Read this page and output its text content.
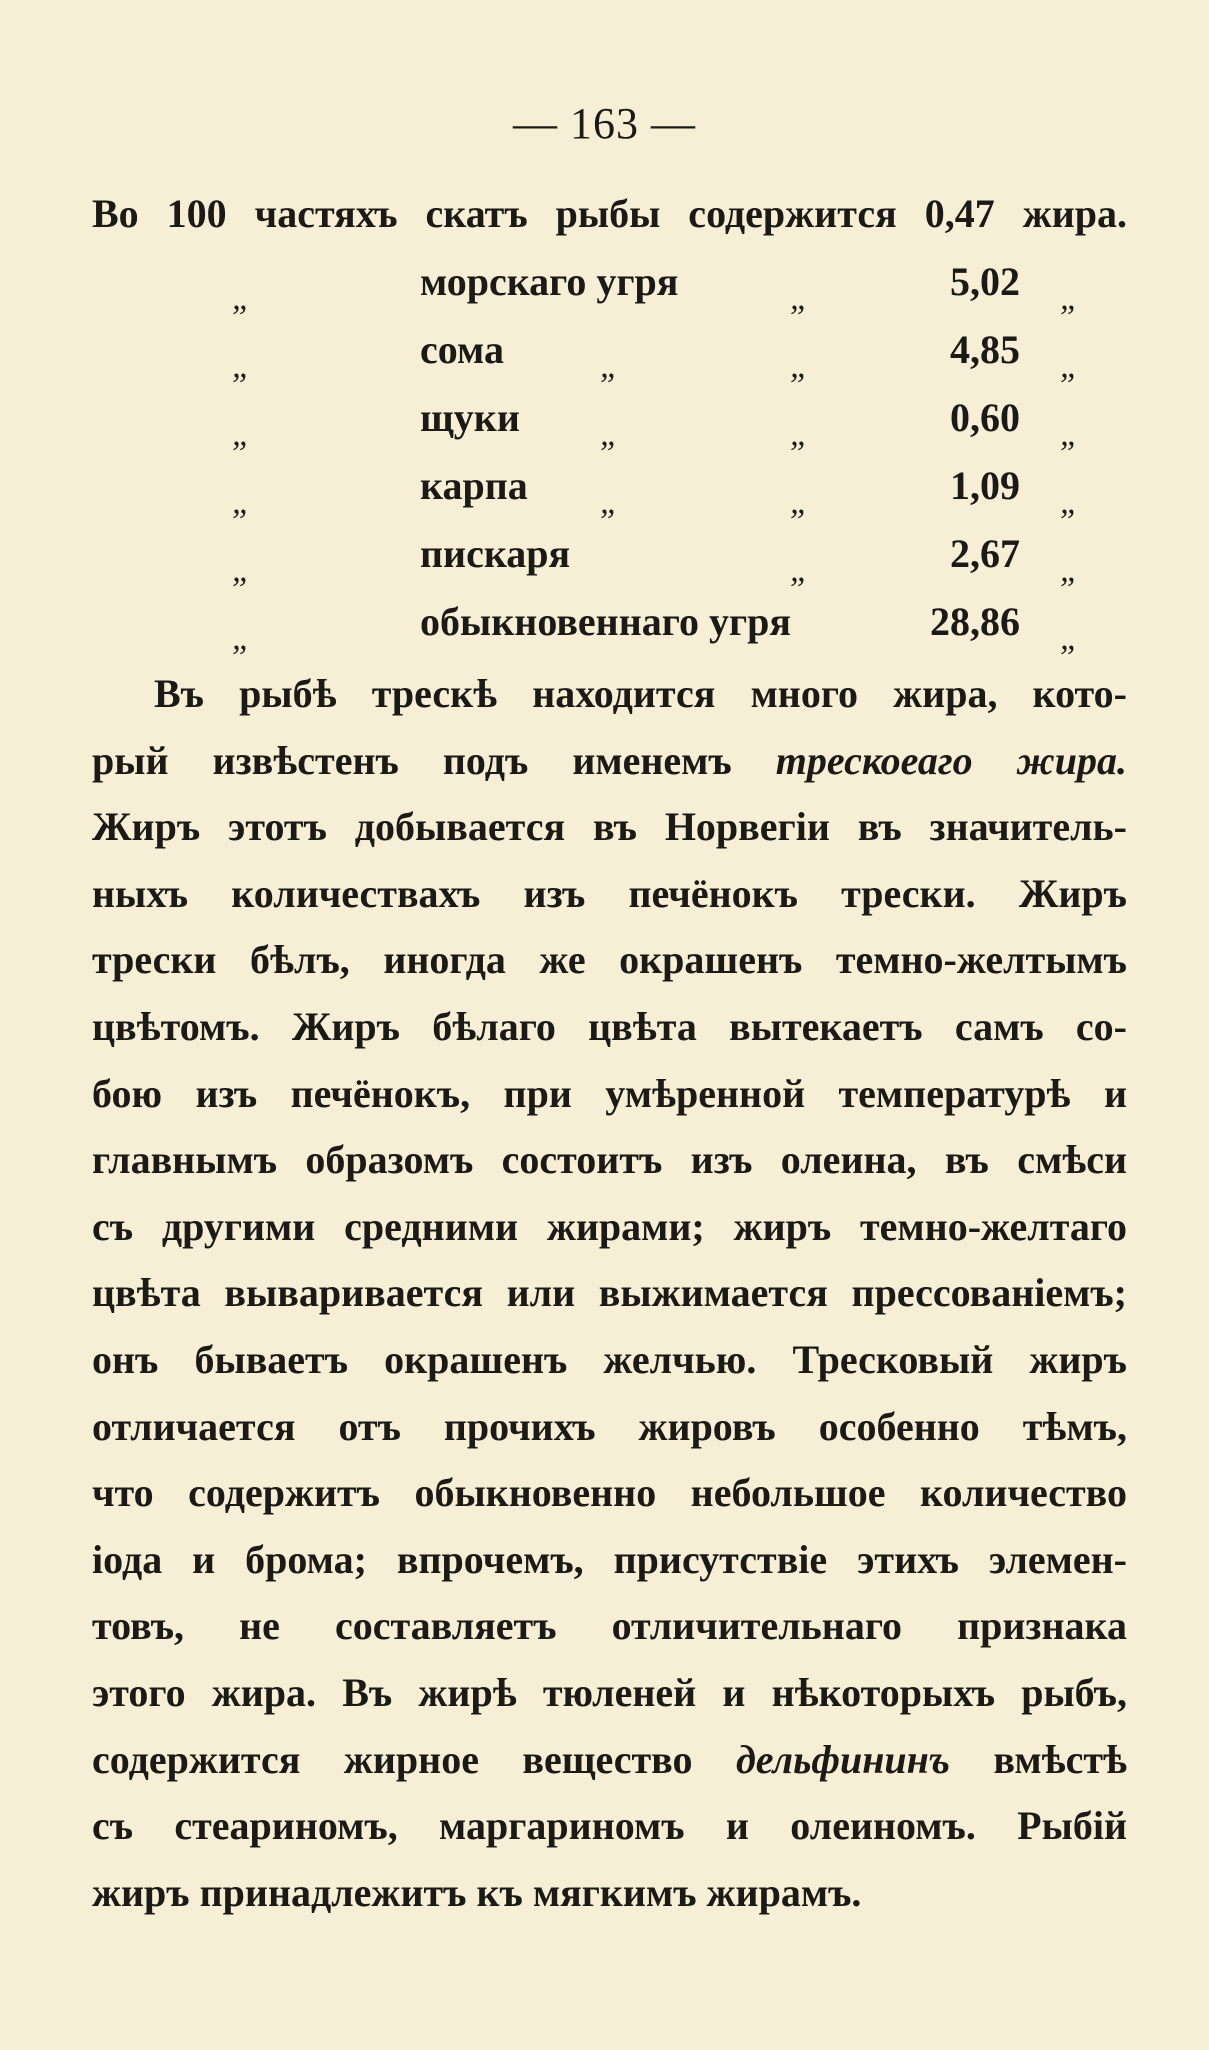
— 163 —
Во 100 частяхъ скатъ рыбы содержится 0,47 жира.
„	морскаго угря	„	5,02 „
„	сома	„	„	4,85 „
„	щуки „	„	0,60 „
„	карпа „	„	1,09 „
„	пискаря	„	2,67 „
„	обыкновеннаго угря	28,86 „
Въ рыбѣ трескѣ находится много жира, кото-
рый извѣстенъ подъ именемъ трескоеаго жира.
Жиръ этотъ добывается въ Норвегіи въ значитель-
ныхъ количествахъ изъ печёнокъ трески. Жиръ
трески бѣлъ, иногда же окрашенъ темно-желтымъ
цвѣтомъ. Жиръ бѣлаго цвѣта вытекаетъ самъ со-
бою изъ печёнокъ, при умѣренной температурѣ и
главнымъ образомъ состоитъ изъ олеина, въ смѣси
съ другими средними жирами; жиръ темно-желтаго
цвѣта вываривается или выжимается прессованіемъ;
онъ бываетъ окрашенъ желчью. Тресковый жиръ
отличается отъ прочихъ жировъ особенно тѣмъ,
что содержитъ обыкновенно небольшое количество
іода и брома; впрочемъ, присутствіе этихъ элемен-
товъ, не составляетъ отличительнаго признака
этого жира. Въ жирѣ тюленей и нѣкоторыхъ рыбъ,
содержится жирное вещество дельфининъ вмѣстѣ
съ стеариномъ, маргариномъ и олеиномъ. Рыбій
жиръ принадлежитъ къ мягкимъ жирамъ.
